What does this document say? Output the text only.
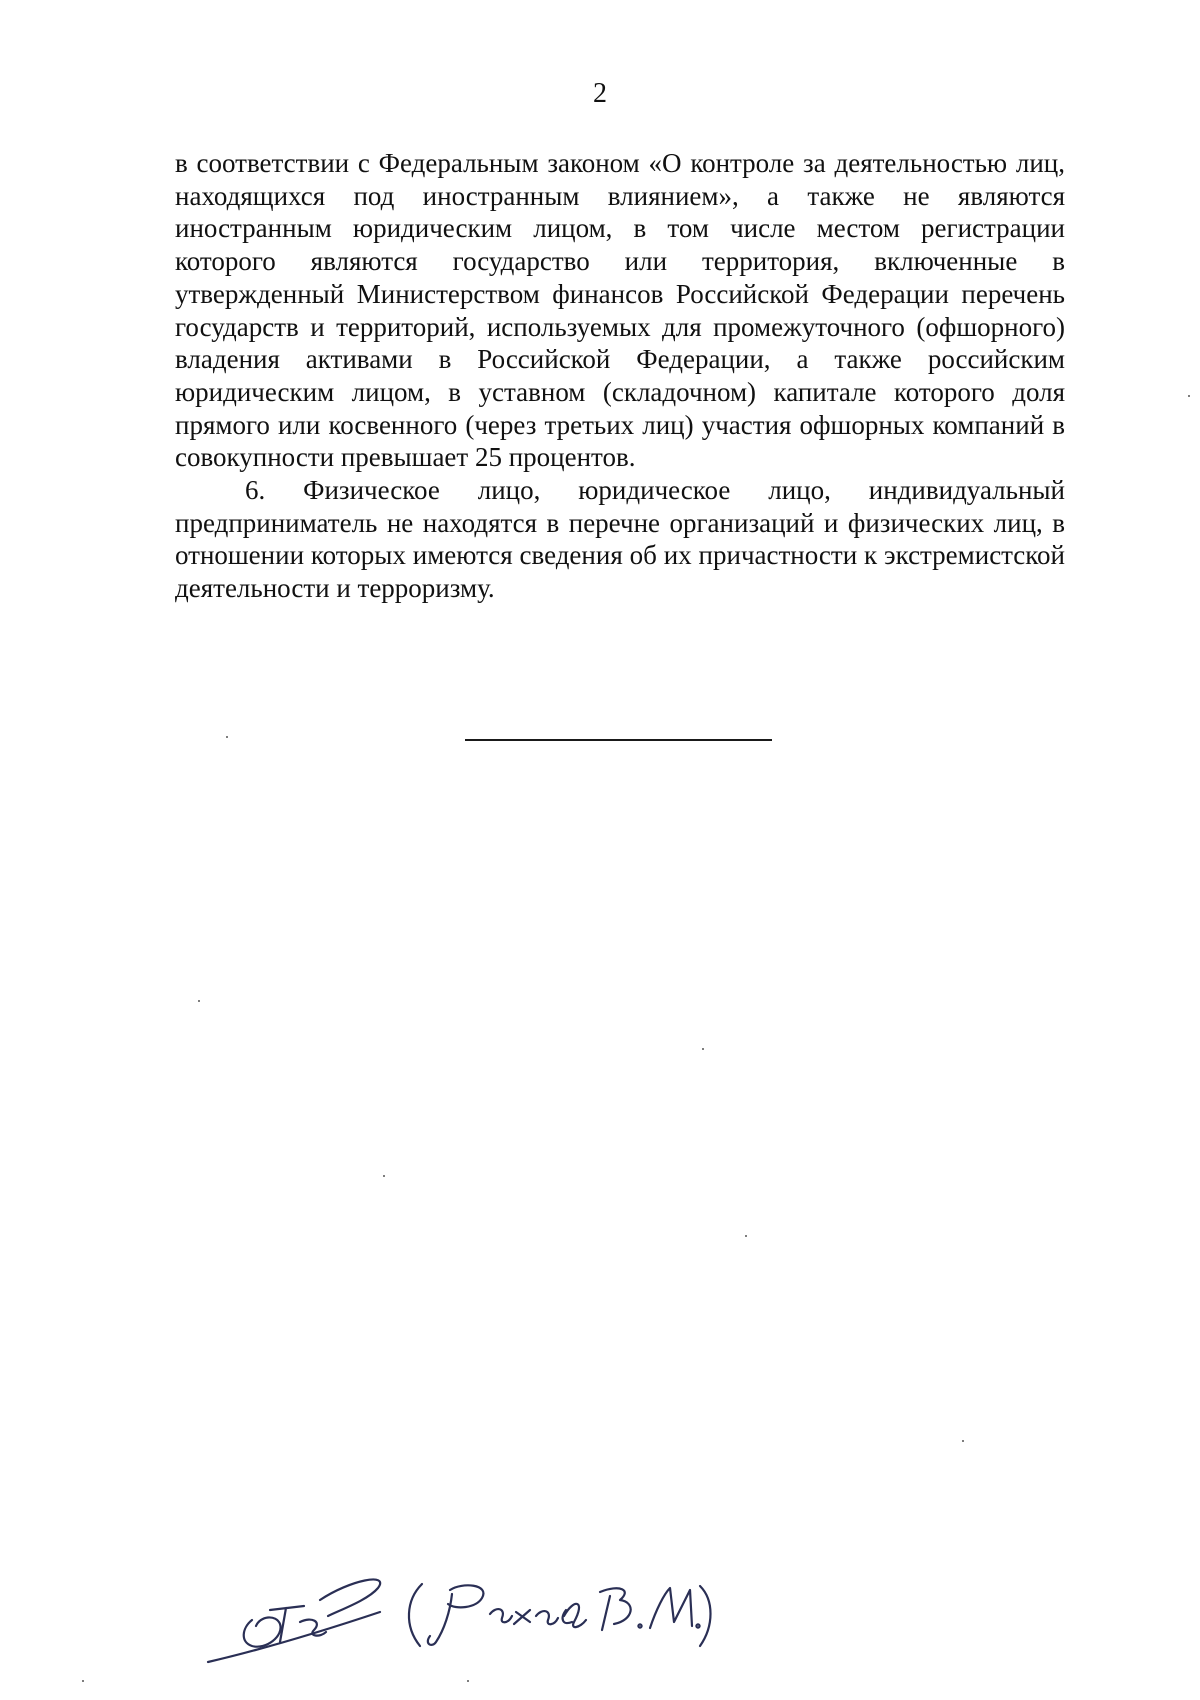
2

в соответствии с Федеральным законом «О контроле за деятельностью лиц, находящихся под иностранным влиянием», а также не являются иностранным юридическим лицом, в том числе местом регистрации которого являются государство или территория, включенные в утвержденный Министерством финансов Российской Федерации перечень государств и территорий, используемых для промежуточного (офшорного) владения активами в Российской Федерации, а также российским юридическим лицом, в уставном (складочном) капитале которого доля прямого или косвенного (через третьих лиц) участия офшорных компаний в совокупности превышает 25 процентов.

6. Физическое лицо, юридическое лицо, индивидуальный предприниматель не находятся в перечне организаций и физических лиц, в отношении которых имеются сведения об их причастности к экстремистской деятельности и терроризму.
